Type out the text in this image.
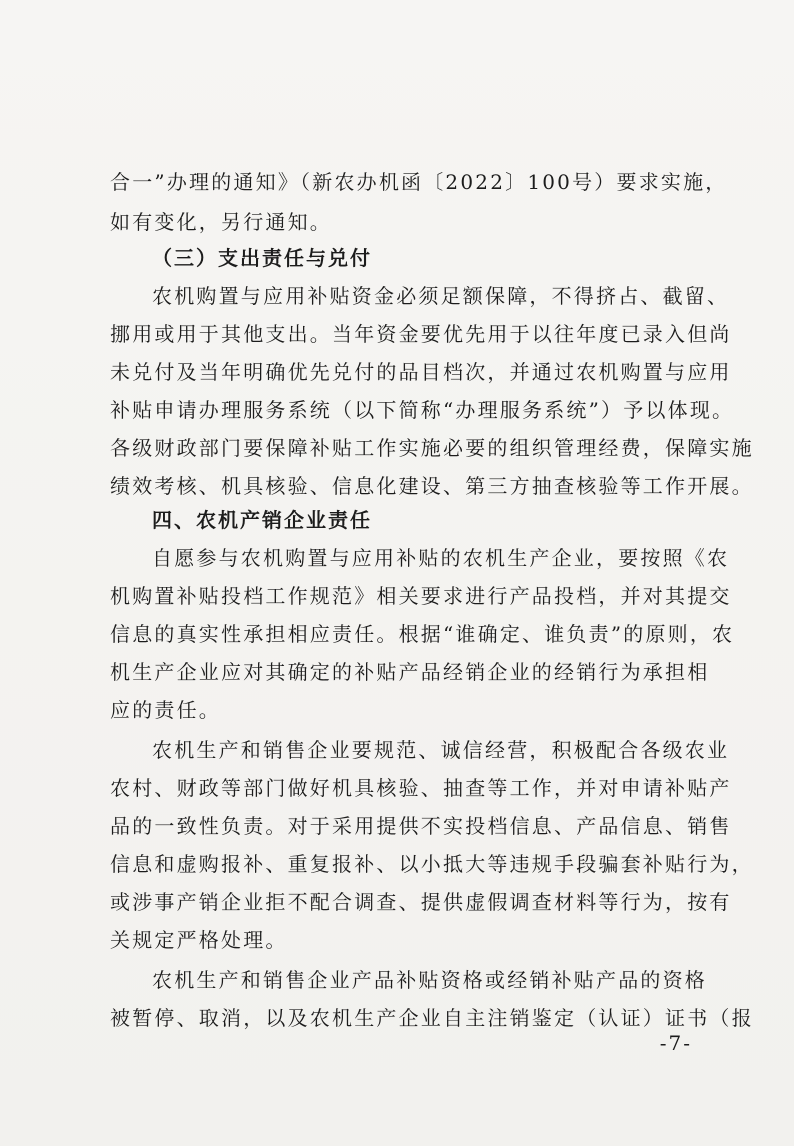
合一”办理的通知》（新农办机函〔2022〕100号）要求实施，
如有变化，另行通知。
（三）支出责任与兑付
农机购置与应用补贴资金必须足额保障，不得挤占、截留、
挪用或用于其他支出。当年资金要优先用于以往年度已录入但尚
未兑付及当年明确优先兑付的品目档次，并通过农机购置与应用
补贴申请办理服务系统（以下简称“办理服务系统”）予以体现。
各级财政部门要保障补贴工作实施必要的组织管理经费，保障实施
绩效考核、机具核验、信息化建设、第三方抽查核验等工作开展。
四、农机产销企业责任
自愿参与农机购置与应用补贴的农机生产企业，要按照《农
机购置补贴投档工作规范》相关要求进行产品投档，并对其提交
信息的真实性承担相应责任。根据“谁确定、谁负责”的原则，农
机生产企业应对其确定的补贴产品经销企业的经销行为承担相
应的责任。
农机生产和销售企业要规范、诚信经营，积极配合各级农业
农村、财政等部门做好机具核验、抽查等工作，并对申请补贴产
品的一致性负责。对于采用提供不实投档信息、产品信息、销售
信息和虚购报补、重复报补、以小抵大等违规手段骗套补贴行为，
或涉事产销企业拒不配合调查、提供虚假调查材料等行为，按有
关规定严格处理。
农机生产和销售企业产品补贴资格或经销补贴产品的资格
被暂停、取消，以及农机生产企业自主注销鉴定（认证）证书（报
-7-
